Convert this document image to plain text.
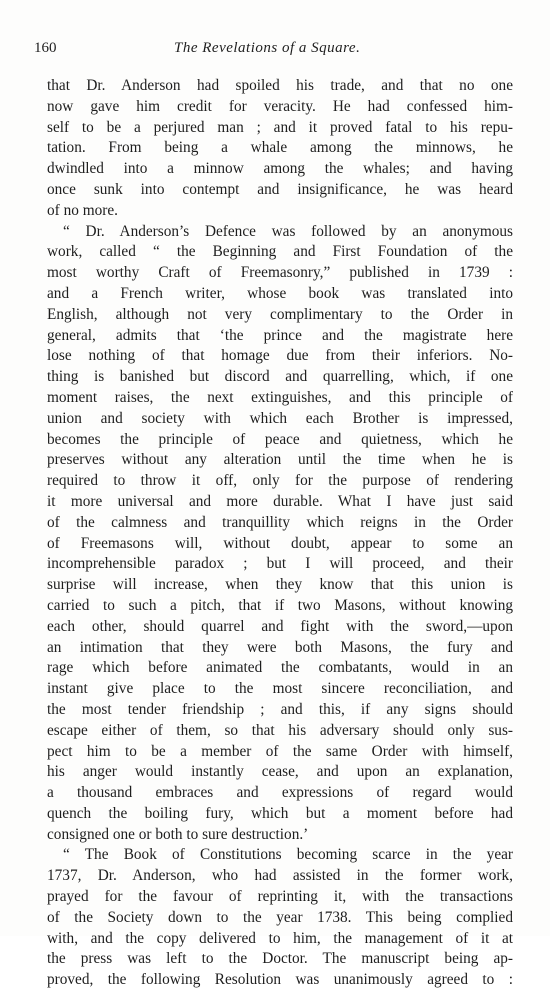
160	The Revelations of a Square.
that Dr. Anderson had spoiled his trade, and that no one
now gave him credit for veracity. He had confessed him-
self to be a perjured man ; and it proved fatal to his repu-
tation. From being a whale among the minnows, he
dwindled into a minnow among the whales; and having
once sunk into contempt and insignificance, he was heard
of no more.
“ Dr. Anderson’s Defence was followed by an anonymous
work, called “ the Beginning and First Foundation of the
most worthy Craft of Freemasonry,” published in 1739 :
and a French writer, whose book was translated into
English, although not very complimentary to the Order in
general, admits that ‘the prince and the magistrate here
lose nothing of that homage due from their inferiors. No-
thing is banished but discord and quarrelling, which, if one
moment raises, the next extinguishes, and this principle of
union and society with which each Brother is impressed,
becomes the principle of peace and quietness, which he
preserves without any alteration until the time when he is
required to throw it off, only for the purpose of rendering
it more universal and more durable. What I have just said
of the calmness and tranquillity which reigns in the Order
of Freemasons will, without doubt, appear to some an
incomprehensible paradox ; but I will proceed, and their
surprise will increase, when they know that this union is
carried to such a pitch, that if two Masons, without knowing
each other, should quarrel and fight with the sword,—upon
an intimation that they were both Masons, the fury and
rage which before animated the combatants, would in an
instant give place to the most sincere reconciliation, and
the most tender friendship ; and this, if any signs should
escape either of them, so that his adversary should only sus-
pect him to be a member of the same Order with himself,
his anger would instantly cease, and upon an explanation,
a thousand embraces and expressions of regard would
quench the boiling fury, which but a moment before had
consigned one or both to sure destruction.’
“ The Book of Constitutions becoming scarce in the year
1737, Dr. Anderson, who had assisted in the former work,
prayed for the favour of reprinting it, with the transactions
of the Society down to the year 1738. This being complied
with, and the copy delivered to him, the management of it at
the press was left to the Doctor. The manuscript being ap-
proved, the following Resolution was unanimously agreed to :
